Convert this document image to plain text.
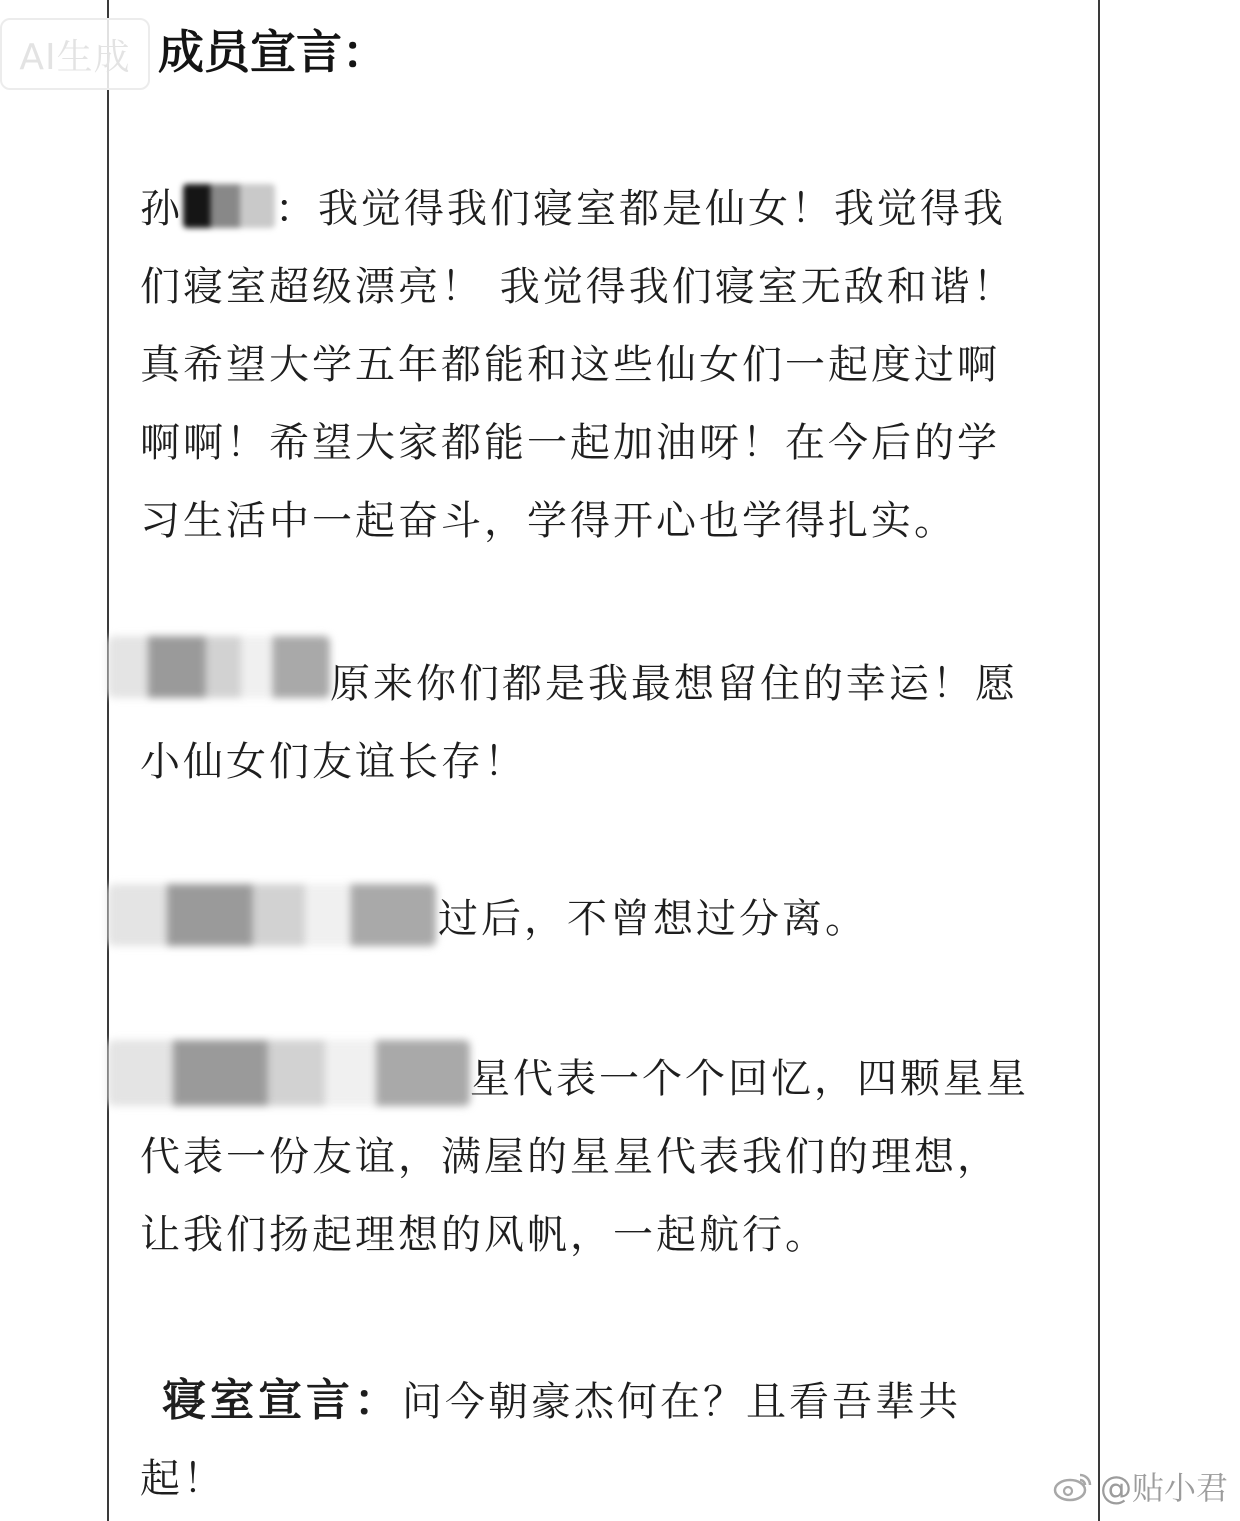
AI生成 成员宣言：
孙 ：我觉得我们寝室都是仙女！我觉得我
们寝室超级漂亮！ 我觉得我们寝室无敌和谐！
真希望大学五年都能和这些仙女们一起度过啊
啊啊！希望大家都能一起加油呀！在今后的学
习生活中一起奋斗，学得开心也学得扎实。
原来你们都是我最想留住的幸运！愿
小仙女们友谊长存！
过后，不曾想过分离。
星代表一个个回忆，四颗星星
代表一份友谊，满屋的星星代表我们的理想，
让我们扬起理想的风帆，一起航行。
寝室宣言：问今朝豪杰何在？且看吾辈共
起！	@贴小君
